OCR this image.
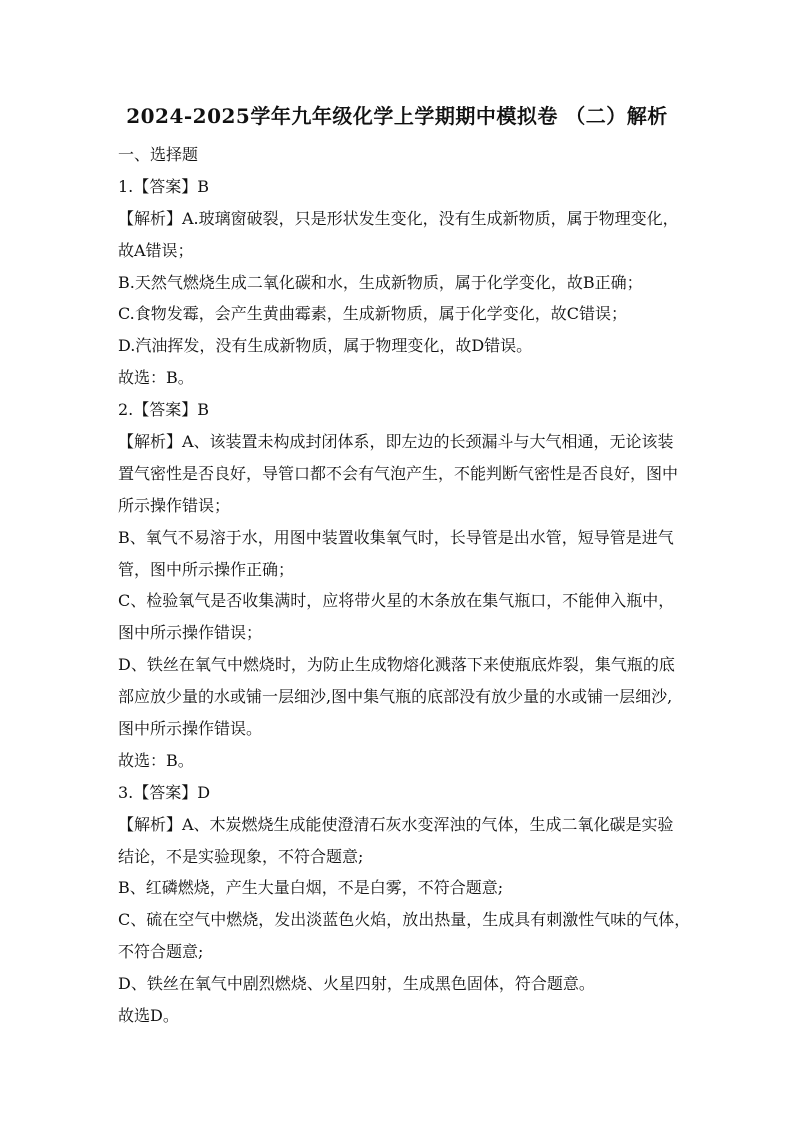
2024-2025学年九年级化学上学期期中模拟卷 （二）解析
一、选择题
1.【答案】B
【解析】A.玻璃窗破裂，只是形状发生变化，没有生成新物质，属于物理变化，
故A错误；
B.天然气燃烧生成二氧化碳和水，生成新物质，属于化学变化，故B正确；
C.食物发霉，会产生黄曲霉素，生成新物质，属于化学变化，故C错误；
D.汽油挥发，没有生成新物质，属于物理变化，故D错误。
故选：B。
2.【答案】B
【解析】A、该装置未构成封闭体系，即左边的长颈漏斗与大气相通，无论该装
置气密性是否良好，导管口都不会有气泡产生，不能判断气密性是否良好，图中
所示操作错误；
B、氧气不易溶于水，用图中装置收集氧气时，长导管是出水管，短导管是进气
管，图中所示操作正确；
C、检验氧气是否收集满时，应将带火星的木条放在集气瓶口，不能伸入瓶中，
图中所示操作错误；
D、铁丝在氧气中燃烧时，为防止生成物熔化溅落下来使瓶底炸裂，集气瓶的底
部应放少量的水或铺一层细沙,图中集气瓶的底部没有放少量的水或铺一层细沙,
图中所示操作错误。
故选：B。
3.【答案】D
【解析】A、木炭燃烧生成能使澄清石灰水变浑浊的气体，生成二氧化碳是实验
结论，不是实验现象，不符合题意;
B、红磷燃烧，产生大量白烟，不是白雾，不符合题意;
C、硫在空气中燃烧，发出淡蓝色火焰，放出热量，生成具有刺激性气味的气体，
不符合题意;
D、铁丝在氧气中剧烈燃烧、火星四射，生成黑色固体，符合题意。
故选D。
